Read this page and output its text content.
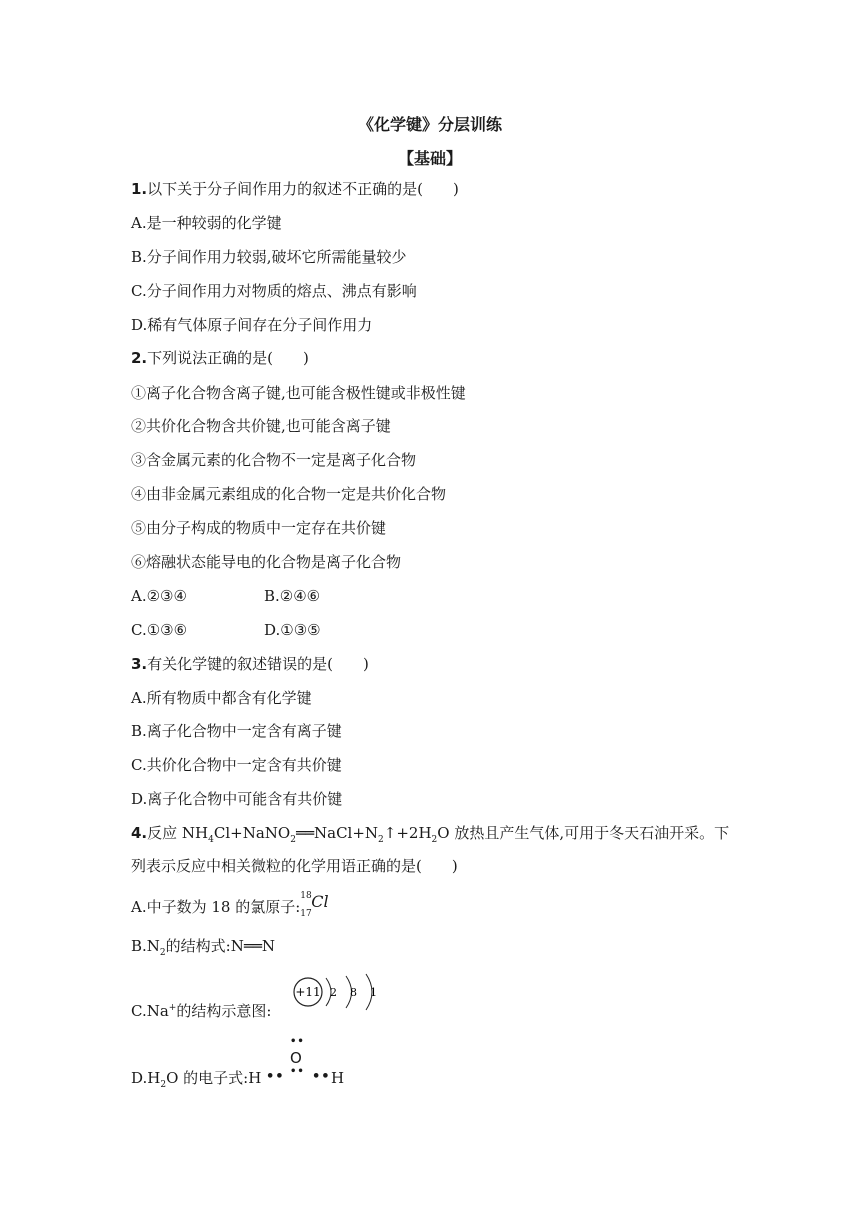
《化学键》分层训练
【基础】
1.以下关于分子间作用力的叙述不正确的是(　　)
A.是一种较弱的化学键
B.分子间作用力较弱,破坏它所需能量较少
C.分子间作用力对物质的熔点、沸点有影响
D.稀有气体原子间存在分子间作用力
2.下列说法正确的是(　　)
①离子化合物含离子键,也可能含极性键或非极性键
②共价化合物含共价键,也可能含离子键
③含金属元素的化合物不一定是离子化合物
④由非金属元素组成的化合物一定是共价化合物
⑤由分子构成的物质中一定存在共价键
⑥熔融状态能导电的化合物是离子化合物
A.②③④	B.②④⑥
C.①③⑥	D.①③⑤
3.有关化学键的叙述错误的是(　　)
A.所有物质中都含有化学键
B.离子化合物中一定含有离子键
C.共价化合物中一定含有共价键
D.离子化合物中可能含有共价键
4.反应 $NH_4Cl+NaNO_2══NaCl+N_2↑+2H_2O$ 放热且产生气体,可用于冬天石油开采。下
列表示反应中相关微粒的化学用语正确的是(　　)
A.中子数为 18 的氯原子:
18
17
Cl
$B.N_2$的结构式:N══N
C.Na+的结构示意图:
+11 2 8 1
$D.H_2O$ 的电子式:H ••
••
O
•• •• H
